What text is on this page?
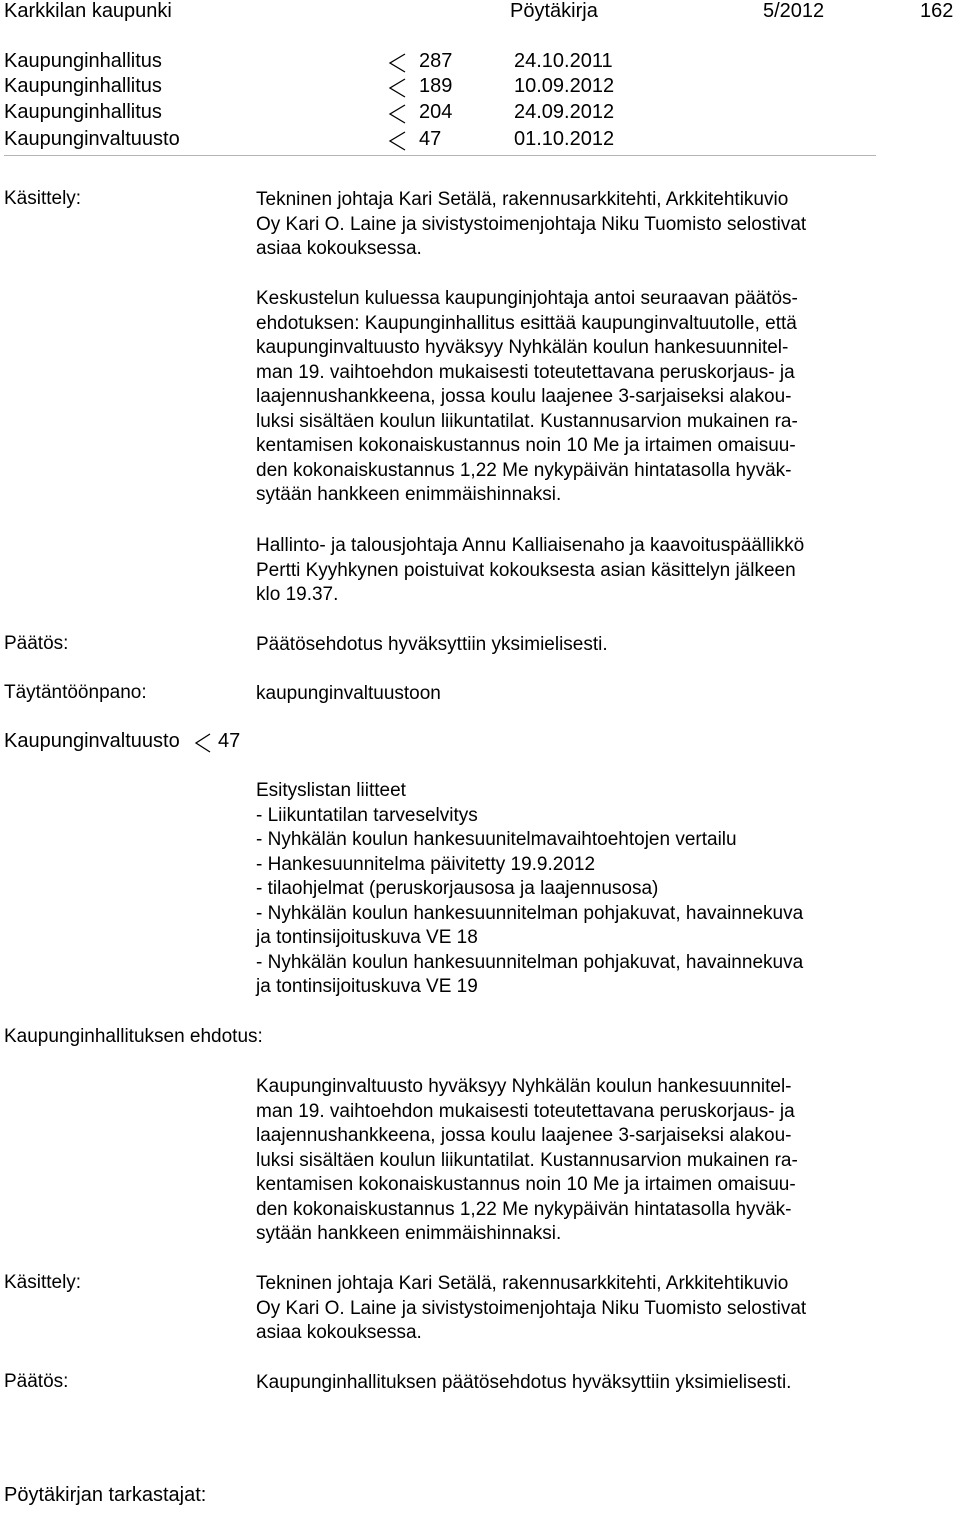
Karkkilan kaupunki	Pöytäkirja	5/2012	162
Kaupunginhallitus	287	24.10.2011
Kaupunginhallitus	189	10.09.2012
Kaupunginhallitus	204	24.09.2012
Kaupunginvaltuusto	47	01.10.2012
Käsittely:	Tekninen johtaja Kari Setälä, rakennusarkkitehti, Arkkitehtikuvio
Oy Kari O. Laine ja sivistystoimenjohtaja Niku Tuomisto selostivat
asiaa kokouksessa.
Keskustelun kuluessa kaupunginjohtaja antoi seuraavan päätös-
ehdotuksen: Kaupunginhallitus esittää kaupunginvaltuutolle, että
kaupunginvaltuusto hyväksyy Nyhkälän koulun hankesuunnitel-
man 19. vaihtoehdon mukaisesti toteutettavana peruskorjaus- ja
laajennushankkeena, jossa koulu laajenee 3-sarjaiseksi alakou-
luksi sisältäen koulun liikuntatilat. Kustannusarvion mukainen ra-
kentamisen kokonaiskustannus noin 10 Me ja irtaimen omaisuu-
den kokonaiskustannus 1,22 Me nykypäivän hintatasolla hyväk-
sytään hankkeen enimmäishinnaksi.
Hallinto- ja talousjohtaja Annu Kalliaisenaho ja kaavoituspäällikkö
Pertti Kyyhkynen poistuivat kokouksesta asian käsittelyn jälkeen
klo 19.37.
Päätös:	Päätösehdotus hyväksyttiin yksimielisesti.
Täytäntöönpano:	kaupunginvaltuustoon
Kaupunginvaltuusto 47
Esityslistan liitteet
- Liikuntatilan tarveselvitys
- Nyhkälän koulun hankesuunitelmavaihtoehtojen vertailu
- Hankesuunnitelma päivitetty 19.9.2012
- tilaohjelmat (peruskorjausosa ja laajennusosa)
- Nyhkälän koulun hankesuunnitelman pohjakuvat, havainnekuva
ja tontinsijoituskuva VE 18
- Nyhkälän koulun hankesuunnitelman pohjakuvat, havainnekuva
ja tontinsijoituskuva VE 19
Kaupunginhallituksen ehdotus:
Kaupunginvaltuusto hyväksyy Nyhkälän koulun hankesuunnitel-
man 19. vaihtoehdon mukaisesti toteutettavana peruskorjaus- ja
laajennushankkeena, jossa koulu laajenee 3-sarjaiseksi alakou-
luksi sisältäen koulun liikuntatilat. Kustannusarvion mukainen ra-
kentamisen kokonaiskustannus noin 10 Me ja irtaimen omaisuu-
den kokonaiskustannus 1,22 Me nykypäivän hintatasolla hyväk-
sytään hankkeen enimmäishinnaksi.
Käsittely:	Tekninen johtaja Kari Setälä, rakennusarkkitehti, Arkkitehtikuvio
Oy Kari O. Laine ja sivistystoimenjohtaja Niku Tuomisto selostivat
asiaa kokouksessa.
Päätös:	Kaupunginhallituksen päätösehdotus hyväksyttiin yksimielisesti.
Pöytäkirjan tarkastajat:
